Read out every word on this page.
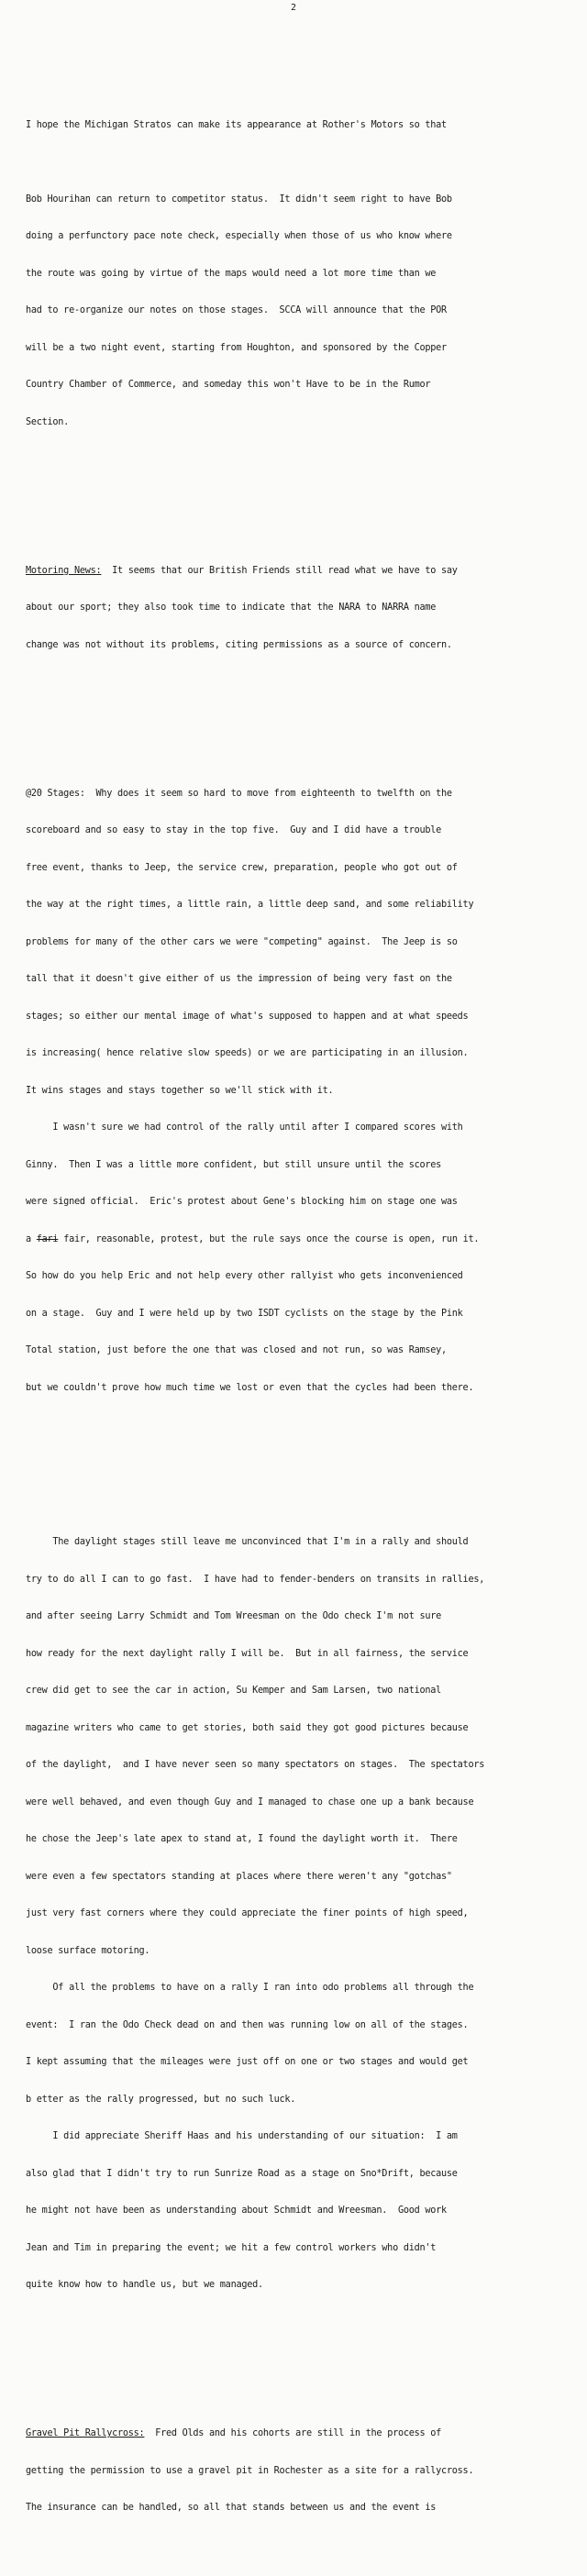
2

I hope the Michigan Stratos can make its appearance at Rother's Motors so that

Bob Hourihan can return to competitor status.  It didn't seem right to have Bob

doing a perfunctory pace note check, especially when those of us who know where

the route was going by virtue of the maps would need a lot more time than we

had to re-organize our notes on those stages.  SCCA will announce that the POR

will be a two night event, starting from Houghton, and sponsored by the Copper

Country Chamber of Commerce, and someday this won't Have to be in the Rumor

Section.

Motoring News:  It seems that our British Friends still read what we have to say

about our sport; they also took time to indicate that the NARA to NARRA name

change was not without its problems, citing permissions as a source of concern.

@20 Stages:  Why does it seem so hard to move from eighteenth to twelfth on the

scoreboard and so easy to stay in the top five.  Guy and I did have a trouble

free event, thanks to Jeep, the service crew, preparation, people who got out of

the way at the right times, a little rain, a little deep sand, and some reliability

problems for many of the other cars we were "competing" against.  The Jeep is so

tall that it doesn't give either of us the impression of being very fast on the

stages; so either our mental image of what's supposed to happen and at what speeds

is increasing( hence relative slow speeds) or we are participating in an illusion.

It wins stages and stays together so we'll stick with it.

I wasn't sure we had control of the rally until after I compared scores with

Ginny.  Then I was a little more confident, but still unsure until the scores

were signed official.  Eric's protest about Gene's blocking him on stage one was

a fari fair, reasonable, protest, but the rule says once the course is open, run it.

So how do you help Eric and not help every other rallyist who gets inconvenienced

on a stage.  Guy and I were held up by two ISDT cyclists on the stage by the Pink

Total station, just before the one that was closed and not run, so was Ramsey,

but we couldn't prove how much time we lost or even that the cycles had been there.

The daylight stages still leave me unconvinced that I'm in a rally and should

try to do all I can to go fast.  I have had to fender-benders on transits in rallies,

and after seeing Larry Schmidt and Tom Wreesman on the Odo check I'm not sure

how ready for the next daylight rally I will be.  But in all fairness, the service

crew did get to see the car in action, Su Kemper and Sam Larsen, two national

magazine writers who came to get stories, both said they got good pictures because

of the daylight,  and I have never seen so many spectators on stages.  The spectators

were well behaved, and even though Guy and I managed to chase one up a bank because

he chose the Jeep's late apex to stand at, I found the daylight worth it.  There

were even a few spectators standing at places where there weren't any "gotchas"

just very fast corners where they could appreciate the finer points of high speed,

loose surface motoring.

Of all the problems to have on a rally I ran into odo problems all through the

event:  I ran the Odo Check dead on and then was running low on all of the stages.

I kept assuming that the mileages were just off on one or two stages and would get

b etter as the rally progressed, but no such luck.

I did appreciate Sheriff Haas and his understanding of our situation:  I am

also glad that I didn't try to run Sunrize Road as a stage on Sno*Drift, because

he might not have been as understanding about Schmidt and Wreesman.  Good work

Jean and Tim in preparing the event; we hit a few control workers who didn't

quite know how to handle us, but we managed.

Gravel Pit Rallycross:  Fred Olds and his cohorts are still in the process of

getting the permission to use a gravel pit in Rochester as a site for a rallycross.

The insurance can be handled, so all that stands between us and the event is
